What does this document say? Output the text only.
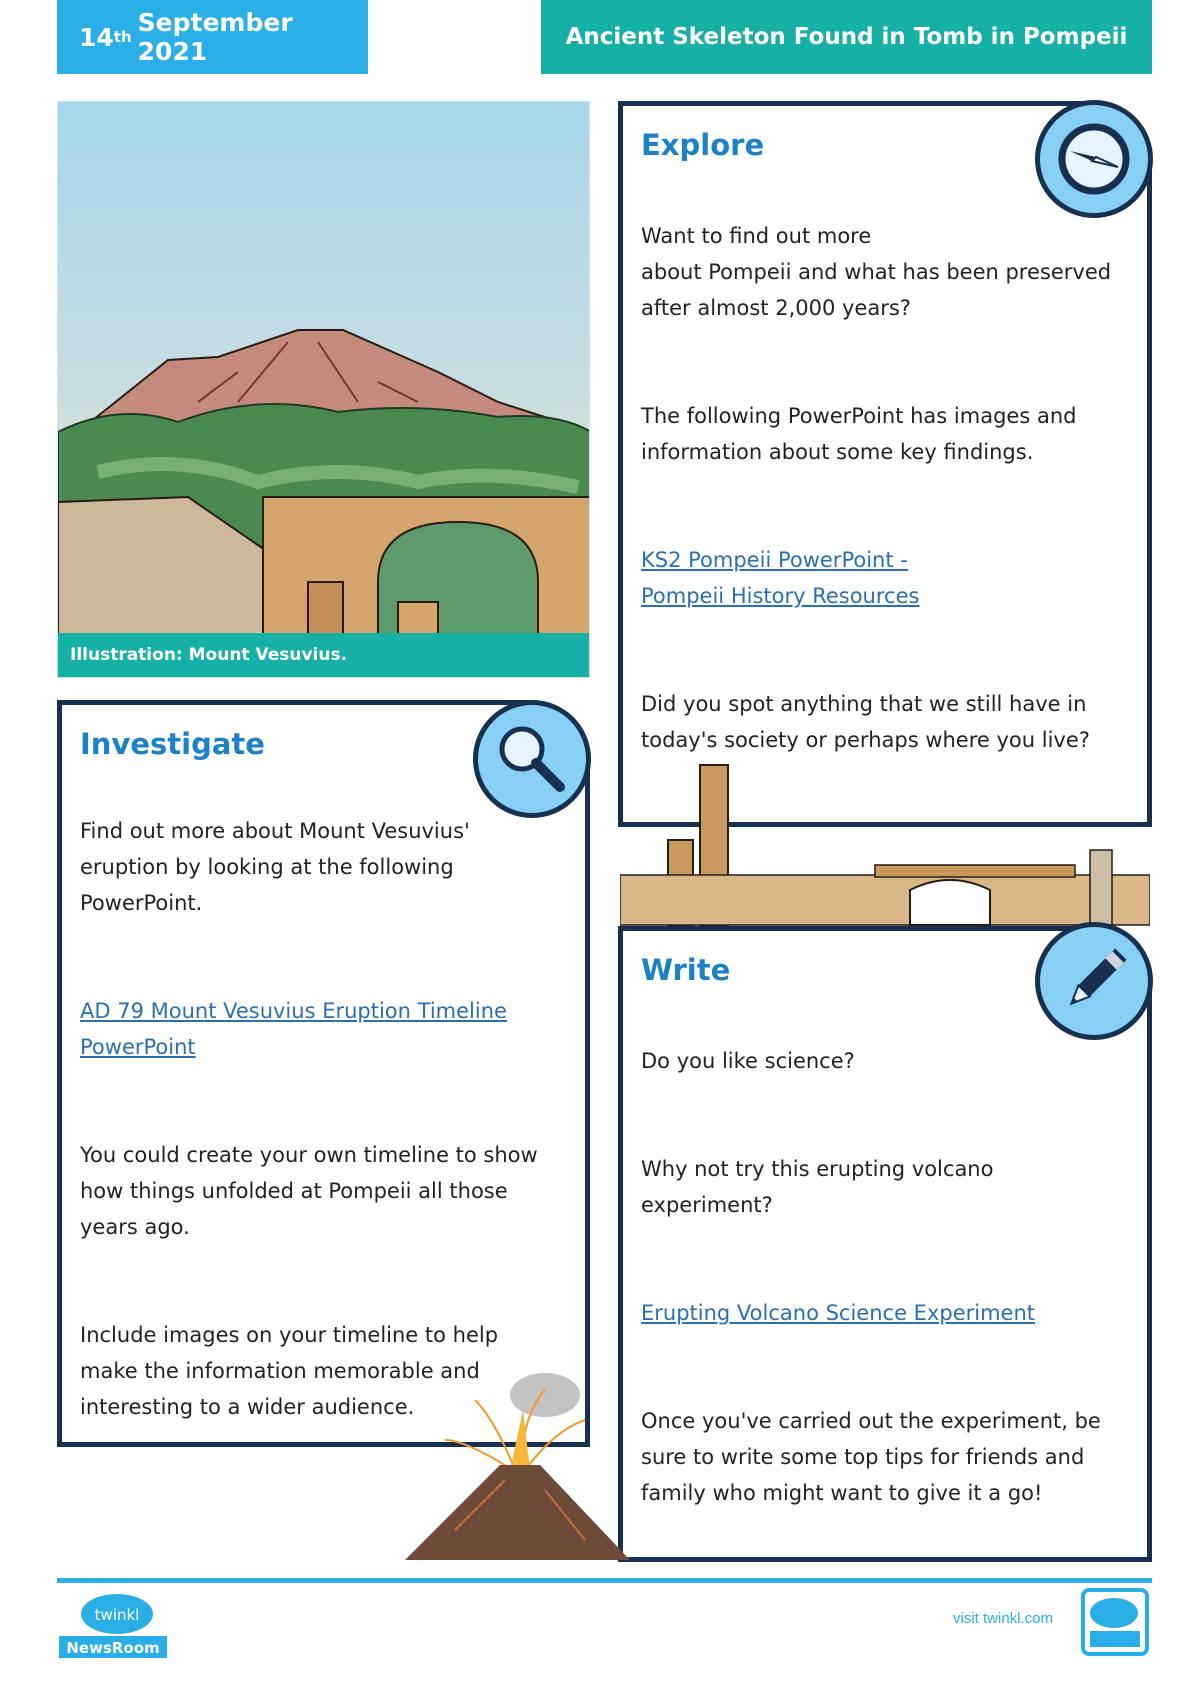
14 th September 2021	Ancient Skeleton Found in Tomb in Pompeii
Illustration: Mount Vesuvius.
Explore

Want to find out more

about Pompeii and what has been preserved after almost 2,000 years?

The following PowerPoint has images and information about some key findings.

KS2 Pompeii PowerPoint -

Pompeii History Resources

Did you spot anything that we still have in today's society or perhaps where you live?

Investigate

Find out more about Mount Vesuvius' eruption by looking at the following PowerPoint.

AD 79 Mount Vesuvius Eruption Timeline PowerPoint

You could create your own timeline to show how things unfolded at Pompeii all those years ago.

Include images on your timeline to help make the information memorable and interesting to a wider audience.

Write

Do you like science?

Why not try this erupting volcano experiment?

Erupting Volcano Science Experiment

Once you've carried out the experiment, be sure to write some top tips for friends and family who might want to give it a go!

twinkl
NewsRoom
visit twinkl.com
